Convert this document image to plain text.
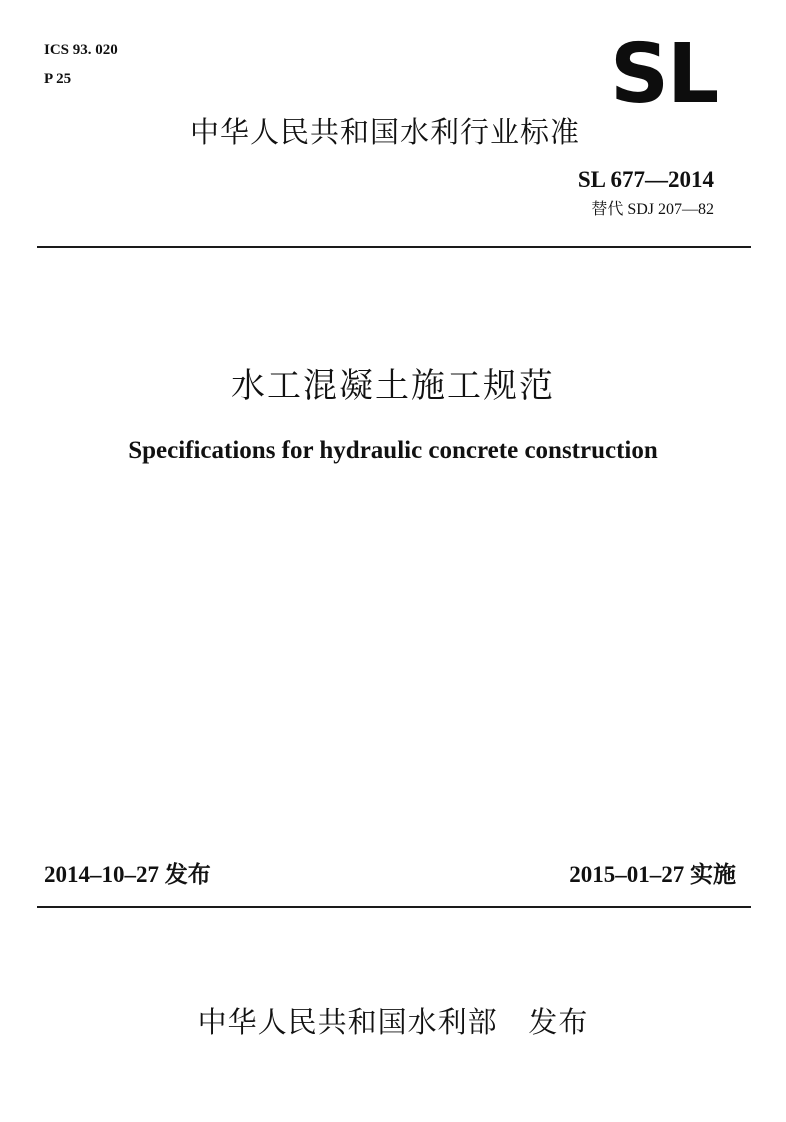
ICS 93. 020
P 25	SL
中华人民共和国水利行业标准
SL 677—2014
替代 SDJ 207—82
水工混凝土施工规范
Specifications for hydraulic concrete construction
2014–10–27 发布	2015–01–27 实施
中华人民共和国水利部   发布
